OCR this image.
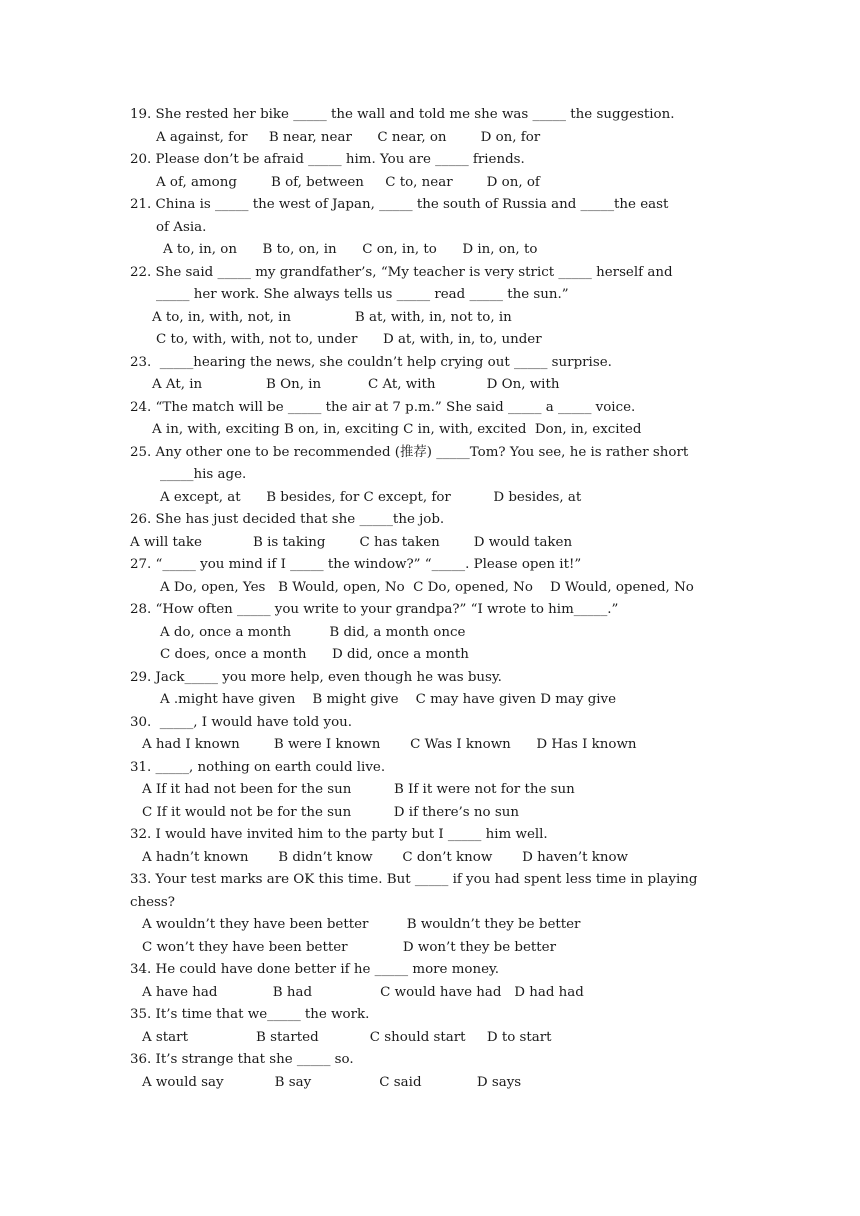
19. She rested her bike _____ the wall and told me she was _____ the suggestion.
A against, for     B near, near      C near, on        D on, for
20. Please don’t be afraid _____ him. You are _____ friends.
A of, among        B of, between     C to, near        D on, of
21. China is _____ the west of Japan, _____ the south of Russia and _____the east
of Asia.
A to, in, on      B to, on, in      C on, in, to      D in, on, to
22. She said _____ my grandfather’s, “My teacher is very strict _____ herself and
_____ her work. She always tells us _____ read _____ the sun.”
A to, in, with, not, in               B at, with, in, not to, in
C to, with, with, not to, under      D at, with, in, to, under
23.  _____hearing the news, she couldn’t help crying out _____ surprise.
A At, in               B On, in           C At, with            D On, with
24. “The match will be _____ the air at 7 p.m.” She said _____ a _____ voice.
A in, with, exciting B on, in, exciting C in, with, excited  Don, in, excited
25. Any other one to be recommended (推荐) _____Tom? You see, he is rather short
_____his age.
A except, at      B besides, for C except, for          D besides, at
26. She has just decided that she _____the job.
A will take            B is taking        C has taken        D would taken
27. “_____ you mind if I _____ the window?” “_____. Please open it!”
A Do, open, Yes   B Would, open, No  C Do, opened, No    D Would, opened, No
28. “How often _____ you write to your grandpa?” “I wrote to him_____.”
A do, once a month         B did, a month once
C does, once a month      D did, once a month
29. Jack_____ you more help, even though he was busy.
A .might have given    B might give    C may have given D may give
30.  _____, I would have told you.
A had I known        B were I known       C Was I known      D Has I known
31. _____, nothing on earth could live.
A If it had not been for the sun          B If it were not for the sun
C If it would not be for the sun          D if there’s no sun
32. I would have invited him to the party but I _____ him well.
A hadn’t known       B didn’t know       C don’t know       D haven’t know
33. Your test marks are OK this time. But _____ if you had spent less time in playing
chess?
A wouldn’t they have been better         B wouldn’t they be better
C won’t they have been better             D won’t they be better
34. He could have done better if he _____ more money.
A have had             B had                C would have had   D had had
35. It’s time that we_____ the work.
A start                B started            C should start     D to start
36. It’s strange that she _____ so.
A would say            B say                C said             D says
